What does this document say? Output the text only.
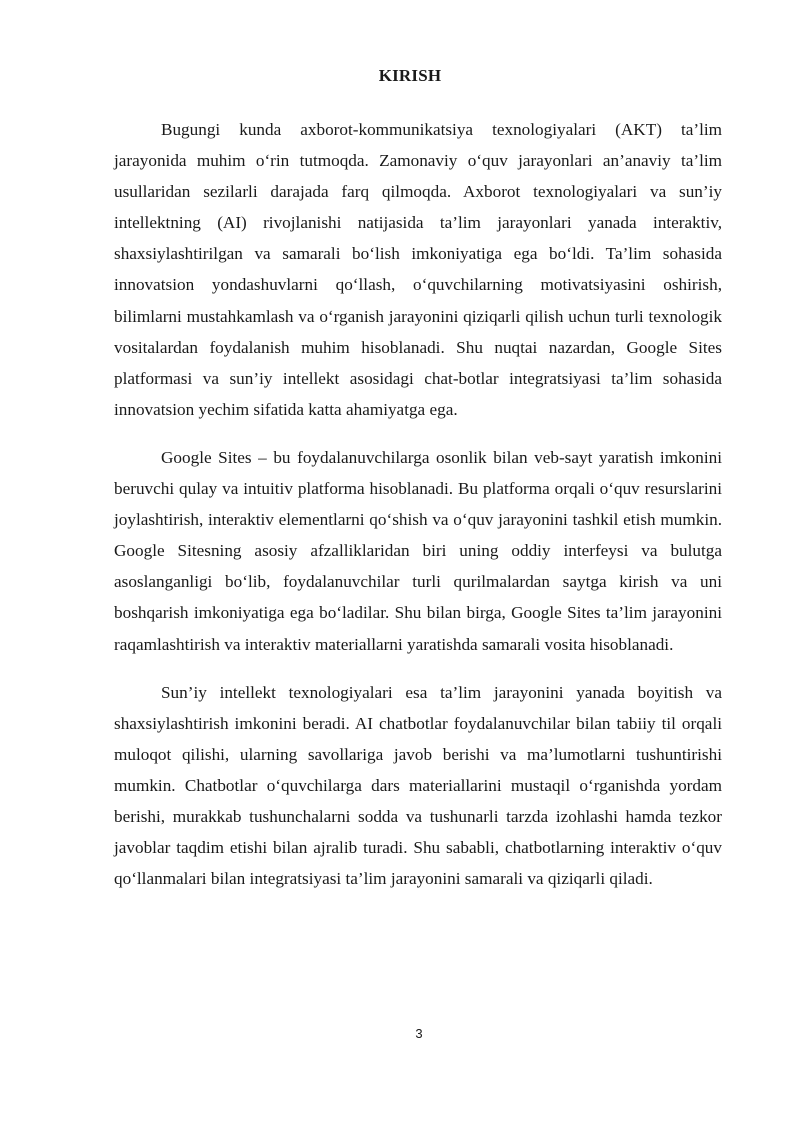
KIRISH

Bugungi kunda axborot-kommunikatsiya texnologiyalari (AKT) ta’lim jarayonida muhim o‘rin tutmoqda. Zamonaviy o‘quv jarayonlari an’anaviy ta’lim usullaridan sezilarli darajada farq qilmoqda. Axborot texnologiyalari va sun’iy intellektning (AI) rivojlanishi natijasida ta’lim jarayonlari yanada interaktiv, shaxsiylashtirilgan va samarali bo‘lish imkoniyatiga ega bo‘ldi. Ta’lim sohasida innovatsion yondashuvlarni qo‘llash, o‘quvchilarning motivatsiyasini oshirish, bilimlarni mustahkamlash va o‘rganish jarayonini qiziqarli qilish uchun turli texnologik vositalardan foydalanish muhim hisoblanadi. Shu nuqtai nazardan, Google Sites platformasi va sun’iy intellekt asosidagi chat-botlar integratsiyasi ta’lim sohasida innovatsion yechim sifatida katta ahamiyatga ega.

Google Sites – bu foydalanuvchilarga osonlik bilan veb-sayt yaratish imkonini beruvchi qulay va intuitiv platforma hisoblanadi. Bu platforma orqali o‘quv resurslarini joylashtirish, interaktiv elementlarni qo‘shish va o‘quv jarayonini tashkil etish mumkin. Google Sitesning asosiy afzalliklaridan biri uning oddiy interfeysi va bulutga asoslanganligi bo‘lib, foydalanuvchilar turli qurilmalardan saytga kirish va uni boshqarish imkoniyatiga ega bo‘ladilar. Shu bilan birga, Google Sites ta’lim jarayonini raqamlashtirish va interaktiv materiallarni yaratishda samarali vosita hisoblanadi.

Sun’iy intellekt texnologiyalari esa ta’lim jarayonini yanada boyitish va shaxsiylashtirish imkonini beradi. AI chatbotlar foydalanuvchilar bilan tabiiy til orqali muloqot qilishi, ularning savollariga javob berishi va ma’lumotlarni tushuntirishi mumkin. Chatbotlar o‘quvchilarga dars materiallarini mustaqil o‘rganishda yordam berishi, murakkab tushunchalarni sodda va tushunarli tarzda izohlashi hamda tezkor javoblar taqdim etishi bilan ajralib turadi. Shu sababli, chatbotlarning interaktiv o‘quv qo‘llanmalari bilan integratsiyasi ta’lim jarayonini samarali va qiziqarli qiladi.

3
